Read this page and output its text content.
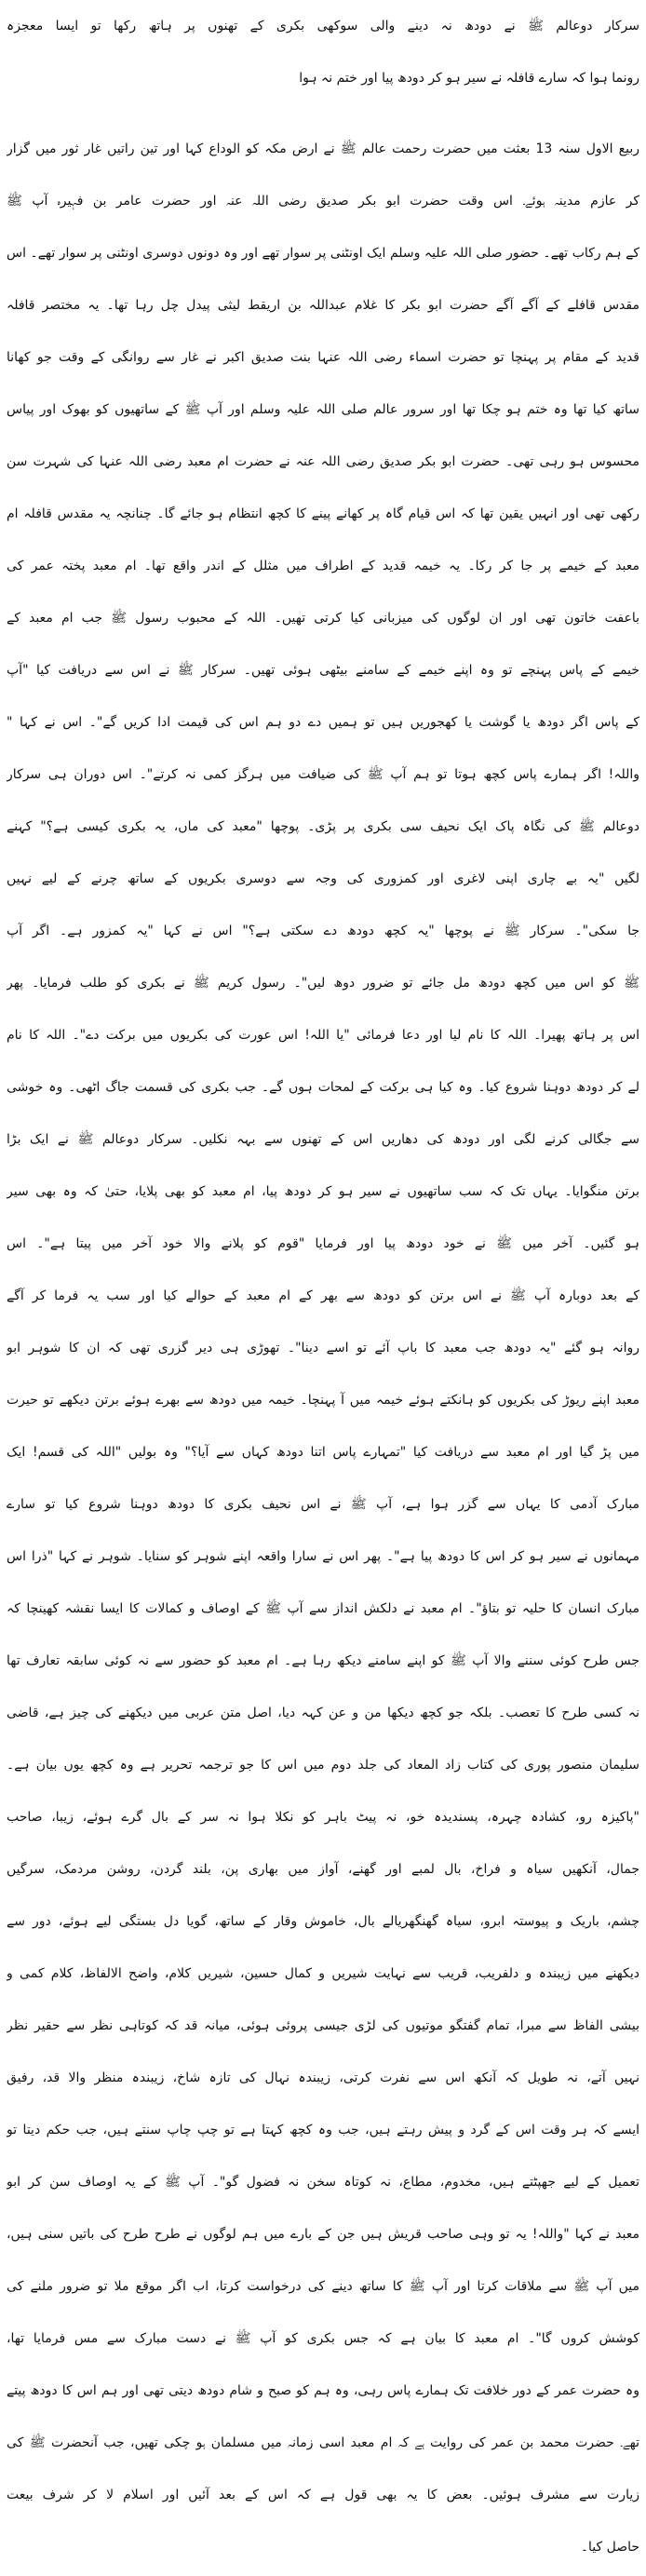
سرکار دوعالم ﷺ نے دودھ نہ دینے والی سوکھی بکری کے تھنوں پر ہاتھ رکھا تو ایسا معجزہ
رونما ہوا کہ سارے قافلہ نے سیر ہو کر دودھ پیا اور ختم نہ ہوا
ربیع الاول سنہ 13 بعثت میں حضرت رحمت عالم ﷺ نے ارض مکہ کو الوداع کہا اور تین راتیں غار ثور میں گزار
کر عازم مدینہ ہوئے۔ اس وقت حضرت ابو بکر صدیق رضی اللہ عنہ اور حضرت عامر بن فہیرہ آپ ﷺ
کے ہم رکاب تھے۔ حضور صلی اللہ علیہ وسلم ایک اونٹنی پر سوار تھے اور وہ دونوں دوسری اونٹنی پر سوار تھے۔ اس
مقدس قافلے کے آگے آگے حضرت ابو بکر کا غلام عبداللہ بن اریقط لیثی پیدل چل رہا تھا۔ یہ مختصر قافلہ
قدید کے مقام پر پہنچا تو حضرت اسماء رضی اللہ عنہا بنت صدیق اکبر نے غار سے روانگی کے وقت جو کھانا
ساتھ کیا تھا وہ ختم ہو چکا تھا اور سرور عالم صلی اللہ علیہ وسلم اور آپ ﷺ کے ساتھیوں کو بھوک اور پیاس
محسوس ہو رہی تھی۔ حضرت ابو بکر صدیق رضی اللہ عنہ نے حضرت ام معبد رضی اللہ عنہا کی شہرت سن
رکھی تھی اور انہیں یقین تھا کہ اس قیام گاہ پر کھانے پینے کا کچھ انتظام ہو جائے گا۔ چنانچہ یہ مقدس قافلہ ام
معبد کے خیمے پر جا کر رکا۔ یہ خیمہ قدید کے اطراف میں مثلل کے اندر واقع تھا۔ ام معبد پختہ عمر کی
باعفت خاتون تھی اور ان لوگوں کی میزبانی کیا کرتی تھیں۔ اللہ کے محبوب رسول ﷺ جب ام معبد کے
خیمے کے پاس پہنچے تو وہ اپنے خیمے کے سامنے بیٹھی ہوئی تھیں۔ سرکار ﷺ نے اس سے دریافت کیا "آپ
کے پاس اگر دودھ یا گوشت یا کھجوریں ہیں تو ہمیں دے دو ہم اس کی قیمت ادا کریں گے"۔ اس نے کہا "
واللہ! اگر ہمارے پاس کچھ ہوتا تو ہم آپ ﷺ کی ضیافت میں ہرگز کمی نہ کرتے"۔ اس دوران ہی سرکار
دوعالم ﷺ کی نگاہ پاک ایک نحیف سی بکری پر پڑی۔ پوچھا "معبد کی ماں، یہ بکری کیسی ہے؟" کہنے
لگیں "یہ بے چاری اپنی لاغری اور کمزوری کی وجہ سے دوسری بکریوں کے ساتھ چرنے کے لیے نہیں
جا سکی"۔ سرکار ﷺ نے پوچھا "یہ کچھ دودھ دے سکتی ہے؟" اس نے کہا "یہ کمزور ہے۔ اگر آپ
ﷺ کو اس میں کچھ دودھ مل جائے تو ضرور دوھ لیں"۔ رسول کریم ﷺ نے بکری کو طلب فرمایا۔ پھر
اس پر ہاتھ پھیرا۔ اللہ کا نام لیا اور دعا فرمائی "یا اللہ! اس عورت کی بکریوں میں برکت دے"۔ اللہ کا نام
لے کر دودھ دوہنا شروع کیا۔ وہ کیا ہی برکت کے لمحات ہوں گے۔ جب بکری کی قسمت جاگ اٹھی۔ وہ خوشی
سے جگالی کرنے لگی اور دودھ کی دھاریں اس کے تھنوں سے بہہ نکلیں۔ سرکار دوعالم ﷺ نے ایک بڑا
برتن منگوایا۔ یہاں تک کہ سب ساتھیوں نے سیر ہو کر دودھ پیا، ام معبد کو بھی پلایا، حتیٰ کہ وہ بھی سیر
ہو گئیں۔ آخر میں ﷺ نے خود دودھ پیا اور فرمایا "قوم کو پلانے والا خود آخر میں پیتا ہے"۔ اس
کے بعد دوبارہ آپ ﷺ نے اس برتن کو دودھ سے بھر کے ام معبد کے حوالے کیا اور سب یہ فرما کر آگے
روانہ ہو گئے "یہ دودھ جب معبد کا باپ آئے تو اسے دینا"۔ تھوڑی ہی دیر گزری تھی کہ ان کا شوہر ابو
معبد اپنے ریوڑ کی بکریوں کو ہانکتے ہوئے خیمہ میں آ پہنچا۔ خیمہ میں دودھ سے بھرے ہوئے برتن دیکھے تو حیرت
میں پڑ گیا اور ام معبد سے دریافت کیا "تمہارے پاس اتنا دودھ کہاں سے آیا؟" وہ بولیں "اللہ کی قسم! ایک
مبارک آدمی کا یہاں سے گزر ہوا ہے، آپ ﷺ نے اس نحیف بکری کا دودھ دوہنا شروع کیا تو سارے
مہمانوں نے سیر ہو کر اس کا دودھ پیا ہے"۔ پھر اس نے سارا واقعہ اپنے شوہر کو سنایا۔ شوہر نے کہا "ذرا اس
مبارک انسان کا حلیہ تو بتاؤ"۔ ام معبد نے دلکش انداز سے آپ ﷺ کے اوصاف و کمالات کا ایسا نقشہ کھینچا کہ
جس طرح کوئی سننے والا آپ ﷺ کو اپنے سامنے دیکھ رہا ہے۔ ام معبد کو حضور سے نہ کوئی سابقہ تعارف تھا
نہ کسی طرح کا تعصب۔ بلکہ جو کچھ دیکھا من و عن کہہ دیا، اصل متن عربی میں دیکھنے کی چیز ہے، قاضی
سلیمان منصور پوری کی کتاب زاد المعاد کی جلد دوم میں اس کا جو ترجمہ تحریر ہے وہ کچھ یوں بیان ہے۔
"پاکیزہ رو، کشادہ چہرہ، پسندیدہ خو، نہ پیٹ باہر کو نکلا ہوا نہ سر کے بال گرے ہوئے، زیبا، صاحب
جمال، آنکھیں سیاہ و فراخ، بال لمبے اور گھنے، آواز میں بھاری پن، بلند گردن، روشن مردمک، سرگیں
چشم، باریک و پیوستہ ابرو، سیاہ گھنگھریالے بال، خاموش وقار کے ساتھ، گویا دل بستگی لیے ہوئے، دور سے
دیکھنے میں زیبندہ و دلفریب، قریب سے نہایت شیریں و کمال حسین، شیریں کلام، واضح الالفاظ، کلام کمی و
بیشی الفاظ سے مبرا، تمام گفتگو موتیوں کی لڑی جیسی پروئی ہوئی، میانہ قد کہ کوتاہی نظر سے حقیر نظر
نہیں آتے، نہ طویل کہ آنکھ اس سے نفرت کرتی، زیبندہ نہال کی تازہ شاخ، زیبندہ منظر والا قد، رفیق
ایسے کہ ہر وقت اس کے گرد و پیش رہتے ہیں، جب وہ کچھ کہتا ہے تو چپ چاپ سنتے ہیں، جب حکم دیتا تو
تعمیل کے لیے جھپٹتے ہیں، مخدوم، مطاع، نہ کوتاہ سخن نہ فضول گو"۔ آپ ﷺ کے یہ اوصاف سن کر ابو
معبد نے کہا "واللہ! یہ تو وہی صاحب قریش ہیں جن کے بارے میں ہم لوگوں نے طرح طرح کی باتیں سنی ہیں،
میں آپ ﷺ سے ملاقات کرتا اور آپ ﷺ کا ساتھ دینے کی درخواست کرتا، اب اگر موقع ملا تو ضرور ملنے کی
کوشش کروں گا"۔ ام معبد کا بیان ہے کہ جس بکری کو آپ ﷺ نے دست مبارک سے مس فرمایا تھا،
وہ حضرت عمر کے دور خلافت تک ہمارے پاس رہی، وہ ہم کو صبح و شام دودھ دیتی تھی اور ہم اس کا دودھ پیتے
تھے۔ حضرت محمد بن عمر کی روایت ہے کہ ام معبد اسی زمانہ میں مسلمان ہو چکی تھیں، جب آنحضرت ﷺ کی
زیارت سے مشرف ہوئیں۔ بعض کا یہ بھی قول ہے کہ اس کے بعد آئیں اور اسلام لا کر شرف بیعت
حاصل کیا۔
